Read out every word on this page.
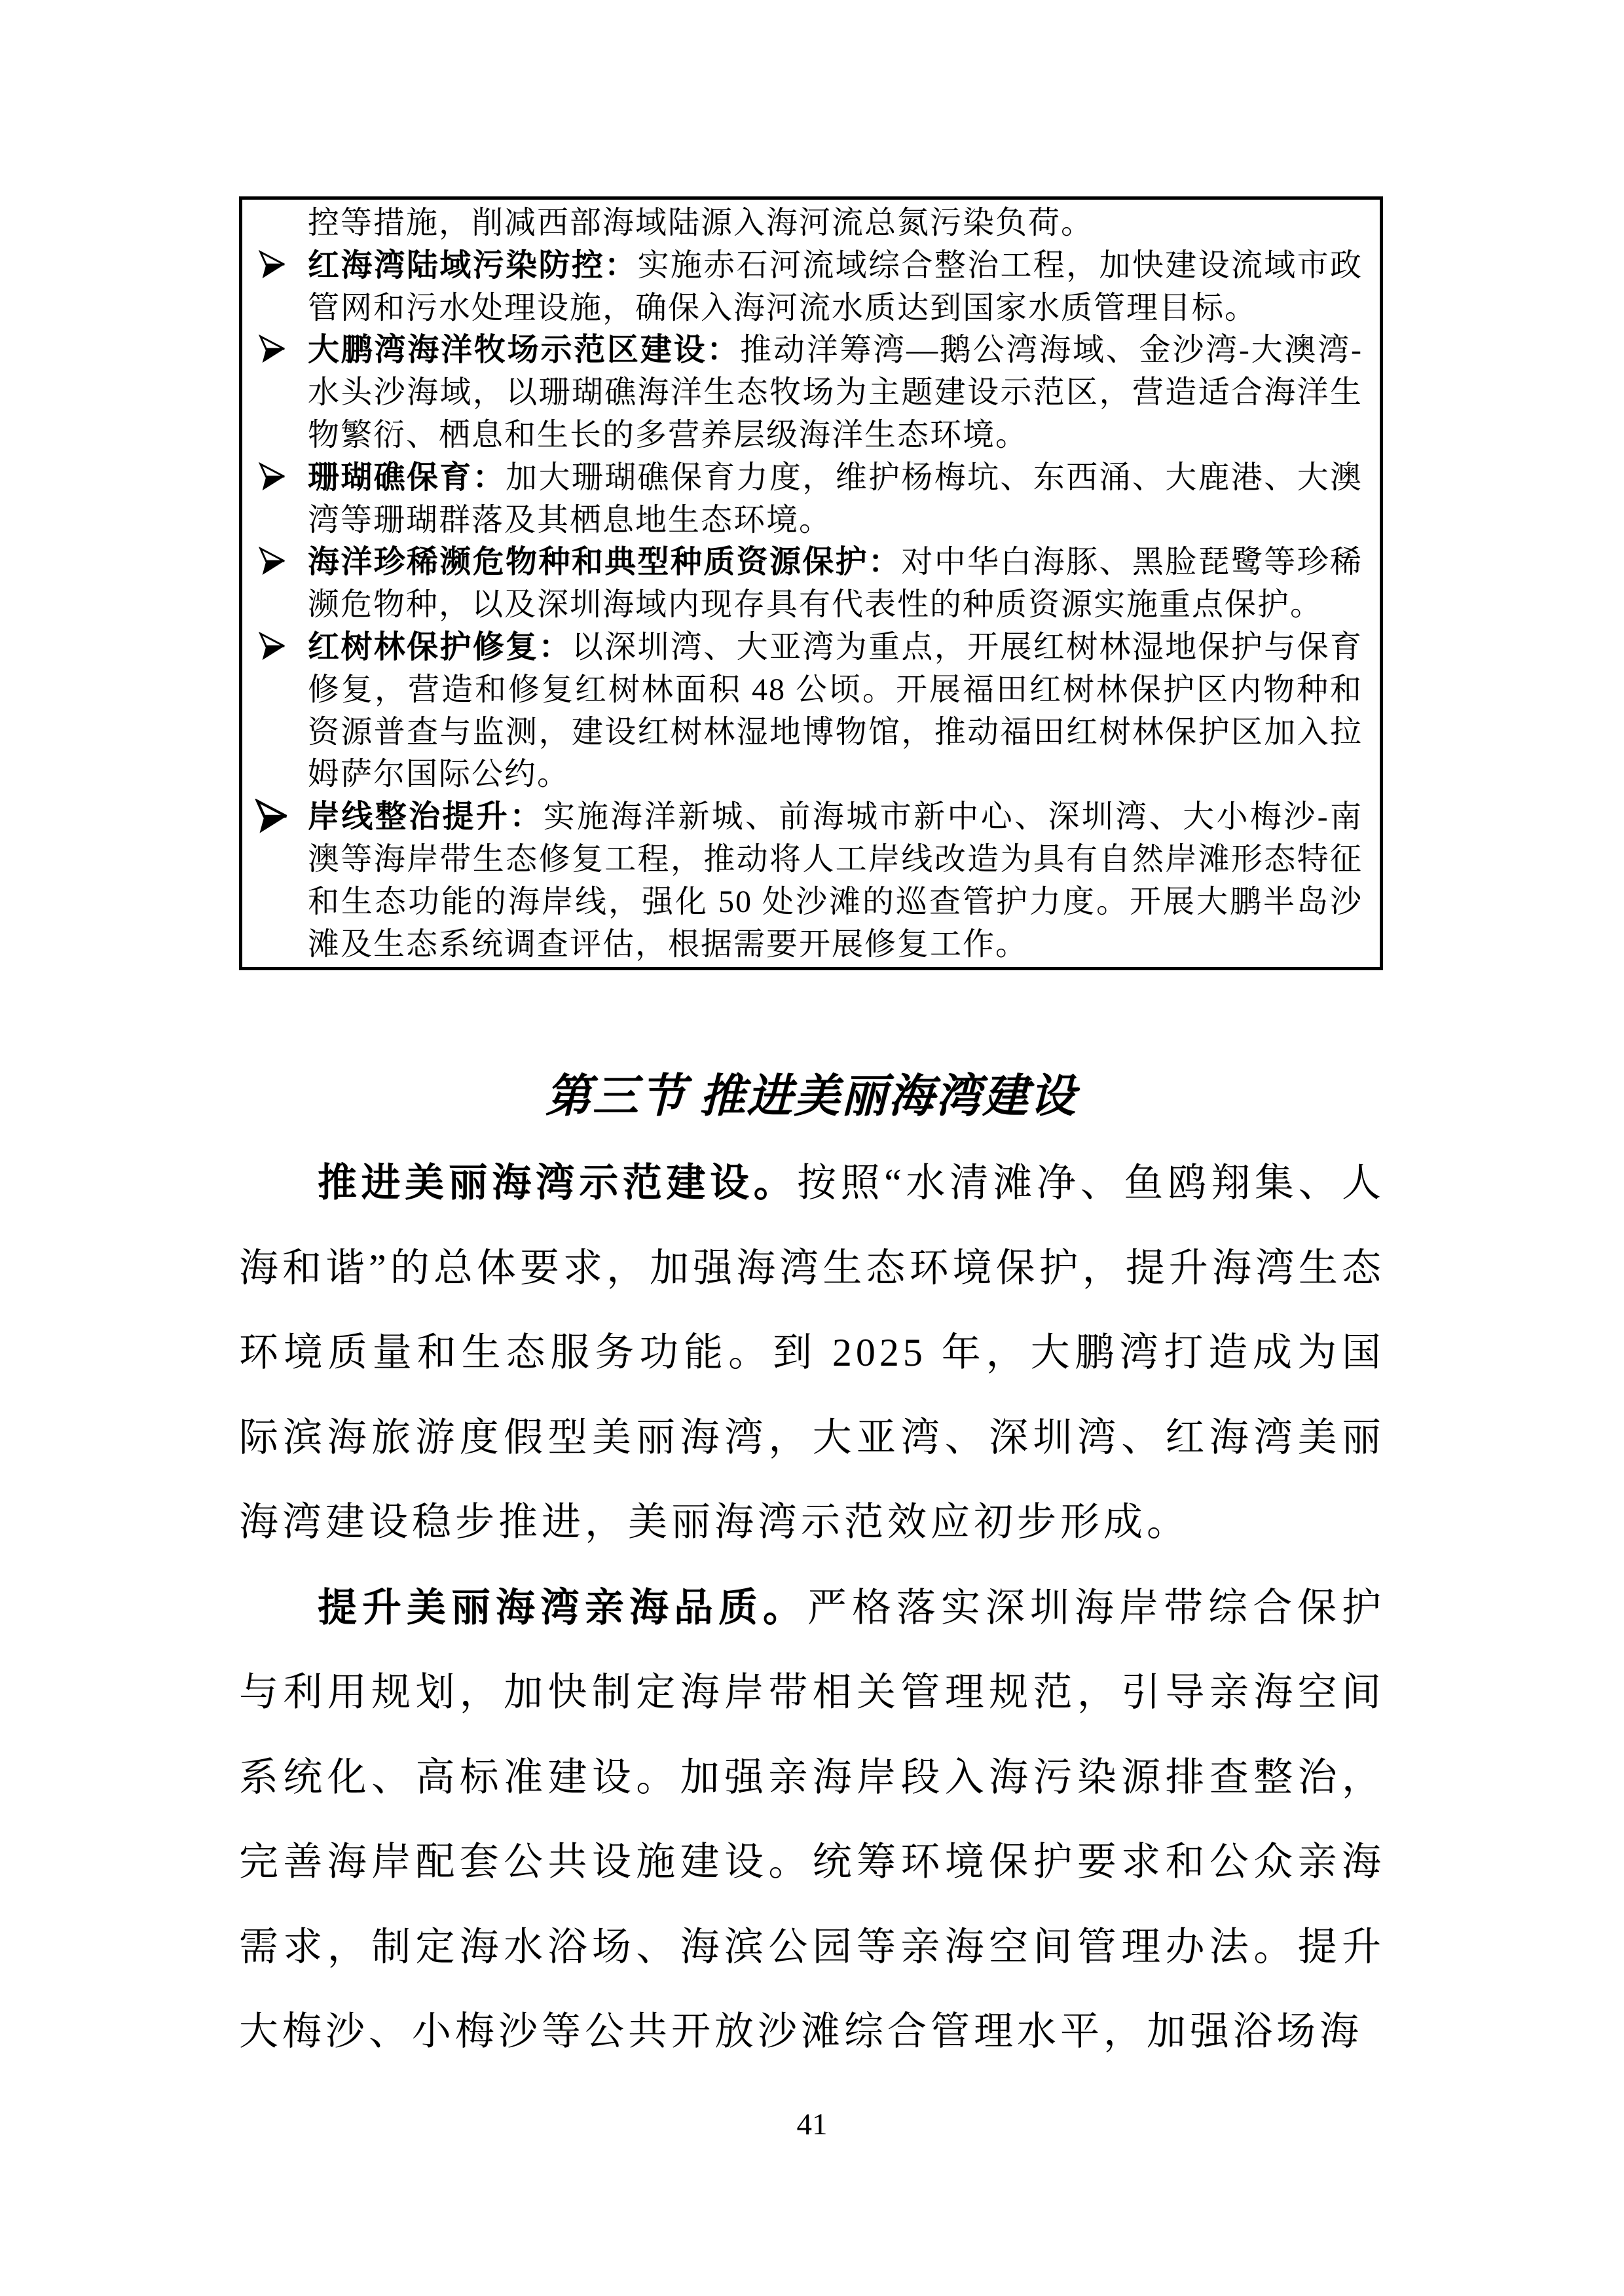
控等措施，削减西部海域陆源入海河流总氮污染负荷。
红海湾陆域污染防控：实施赤石河流域综合整治工程，加快建设流域市政管网和污水处理设施，确保入海河流水质达到国家水质管理目标。
大鹏湾海洋牧场示范区建设：推动洋筹湾—鹅公湾海域、金沙湾-大澳湾-水头沙海域，以珊瑚礁海洋生态牧场为主题建设示范区，营造适合海洋生物繁衍、栖息和生长的多营养层级海洋生态环境。
珊瑚礁保育：加大珊瑚礁保育力度，维护杨梅坑、东西涌、大鹿港、大澳湾等珊瑚群落及其栖息地生态环境。
海洋珍稀濒危物种和典型种质资源保护：对中华白海豚、黑脸琵鹭等珍稀濒危物种，以及深圳海域内现存具有代表性的种质资源实施重点保护。
红树林保护修复：以深圳湾、大亚湾为重点，开展红树林湿地保护与保育修复，营造和修复红树林面积 48 公顷。开展福田红树林保护区内物种和资源普查与监测，建设红树林湿地博物馆，推动福田红树林保护区加入拉姆萨尔国际公约。
岸线整治提升：实施海洋新城、前海城市新中心、深圳湾、大小梅沙-南澳等海岸带生态修复工程，推动将人工岸线改造为具有自然岸滩形态特征和生态功能的海岸线，强化 50 处沙滩的巡查管护力度。开展大鹏半岛沙滩及生态系统调查评估，根据需要开展修复工作。
第三节 推进美丽海湾建设

推进美丽海湾示范建设。按照“水清滩净、鱼鸥翔集、人海和谐”的总体要求，加强海湾生态环境保护，提升海湾生态环境质量和生态服务功能。到 2025 年，大鹏湾打造成为国际滨海旅游度假型美丽海湾，大亚湾、深圳湾、红海湾美丽海湾建设稳步推进，美丽海湾示范效应初步形成。

提升美丽海湾亲海品质。严格落实深圳海岸带综合保护与利用规划，加快制定海岸带相关管理规范，引导亲海空间系统化、高标准建设。加强亲海岸段入海污染源排查整治，完善海岸配套公共设施建设。统筹环境保护要求和公众亲海需求，制定海水浴场、海滨公园等亲海空间管理办法。提升大梅沙、小梅沙等公共开放沙滩综合管理水平，加强浴场海

41
